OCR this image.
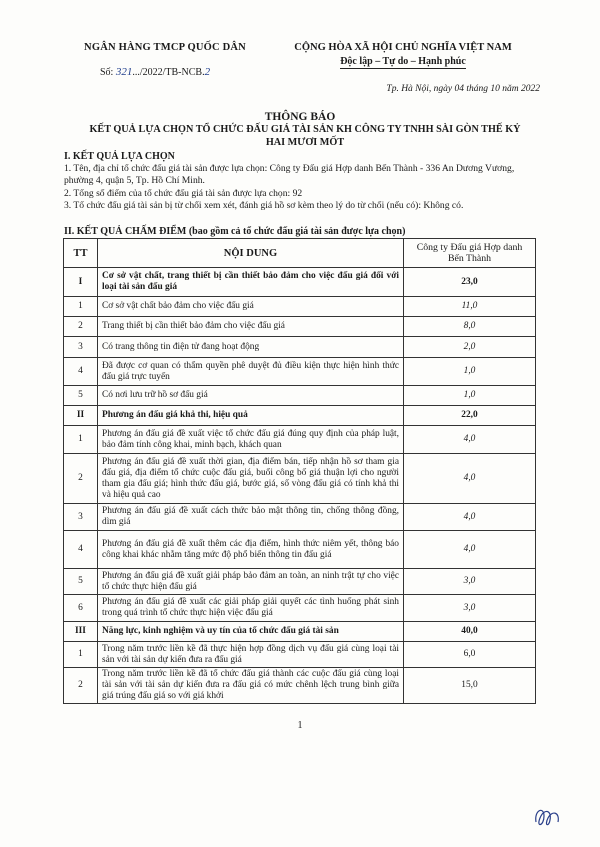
NGÂN HÀNG TMCP QUỐC DÂN	CỘNG HÒA XÃ HỘI CHỦ NGHĨA VIỆT NAM
Độc lập – Tự do – Hạnh phúc
Số: 321.../2022/TB-NCB.2
Tp. Hà Nội, ngày 04 tháng 10 năm 2022
THÔNG BÁO
KẾT QUẢ LỰA CHỌN TỔ CHỨC ĐẤU GIÁ TÀI SẢN KH CÔNG TY TNHH SÀI GÒN THẾ KỶ HAI MƯƠI MỐT
I. KẾT QUẢ LỰA CHỌN
1. Tên, địa chỉ tổ chức đấu giá tài sản được lựa chọn: Công ty Đấu giá Hợp danh Bến Thành - 336 An Dương Vương, phường 4, quận 5, Tp. Hồ Chí Minh.
2. Tổng số điểm của tổ chức đấu giá tài sản được lựa chọn: 92
3. Tổ chức đấu giá tài sản bị từ chối xem xét, đánh giá hồ sơ kèm theo lý do từ chối (nếu có): Không có.
II. KẾT QUẢ CHẤM ĐIỂM (bao gồm cả tổ chức đấu giá tài sản được lựa chọn)
TT	NỘI DUNG	Công ty Đấu giá Hợp danh Bến Thành
I	Cơ sở vật chất, trang thiết bị cần thiết bảo đảm cho việc đấu giá đối với loại tài sản đấu giá	23,0
1	Cơ sở vật chất bảo đảm cho việc đấu giá	11,0
2	Trang thiết bị cần thiết bảo đảm cho việc đấu giá	8,0
3	Có trang thông tin điện tử đang hoạt động	2,0
4	Đã được cơ quan có thẩm quyền phê duyệt đủ điều kiện thực hiện hình thức đấu giá trực tuyến	1,0
5	Có nơi lưu trữ hồ sơ đấu giá	1,0
II	Phương án đấu giá khả thi, hiệu quả	22,0
1	Phương án đấu giá đề xuất việc tổ chức đấu giá đúng quy định của pháp luật, bảo đảm tính công khai, minh bạch, khách quan	4,0
2	Phương án đấu giá đề xuất thời gian, địa điểm bán, tiếp nhận hồ sơ tham gia đấu giá, địa điểm tổ chức cuộc đấu giá, buổi công bố giá thuận lợi cho người tham gia đấu giá; hình thức đấu giá, bước giá, số vòng đấu giá có tính khả thi và hiệu quả cao	4,0
3	Phương án đấu giá đề xuất cách thức bảo mật thông tin, chống thông đồng, dìm giá	4,0
4	Phương án đấu giá đề xuất thêm các địa điểm, hình thức niêm yết, thông báo công khai khác nhằm tăng mức độ phổ biến thông tin đấu giá	4,0
5	Phương án đấu giá đề xuất giải pháp bảo đảm an toàn, an ninh trật tự cho việc tổ chức thực hiện đấu giá	3,0
6	Phương án đấu giá đề xuất các giải pháp giải quyết các tình huống phát sinh trong quá trình tổ chức thực hiện việc đấu giá	3,0
III	Năng lực, kinh nghiệm và uy tín của tổ chức đấu giá tài sản	40,0
1	Trong năm trước liền kề đã thực hiện hợp đồng dịch vụ đấu giá cùng loại tài sản với tài sản dự kiến đưa ra đấu giá	6,0
2	Trong năm trước liền kề đã tổ chức đấu giá thành các cuộc đấu giá cùng loại tài sản với tài sản dự kiến đưa ra đấu giá có mức chênh lệch trung bình giữa giá trúng đấu giá so với giá khởi	15,0
1
